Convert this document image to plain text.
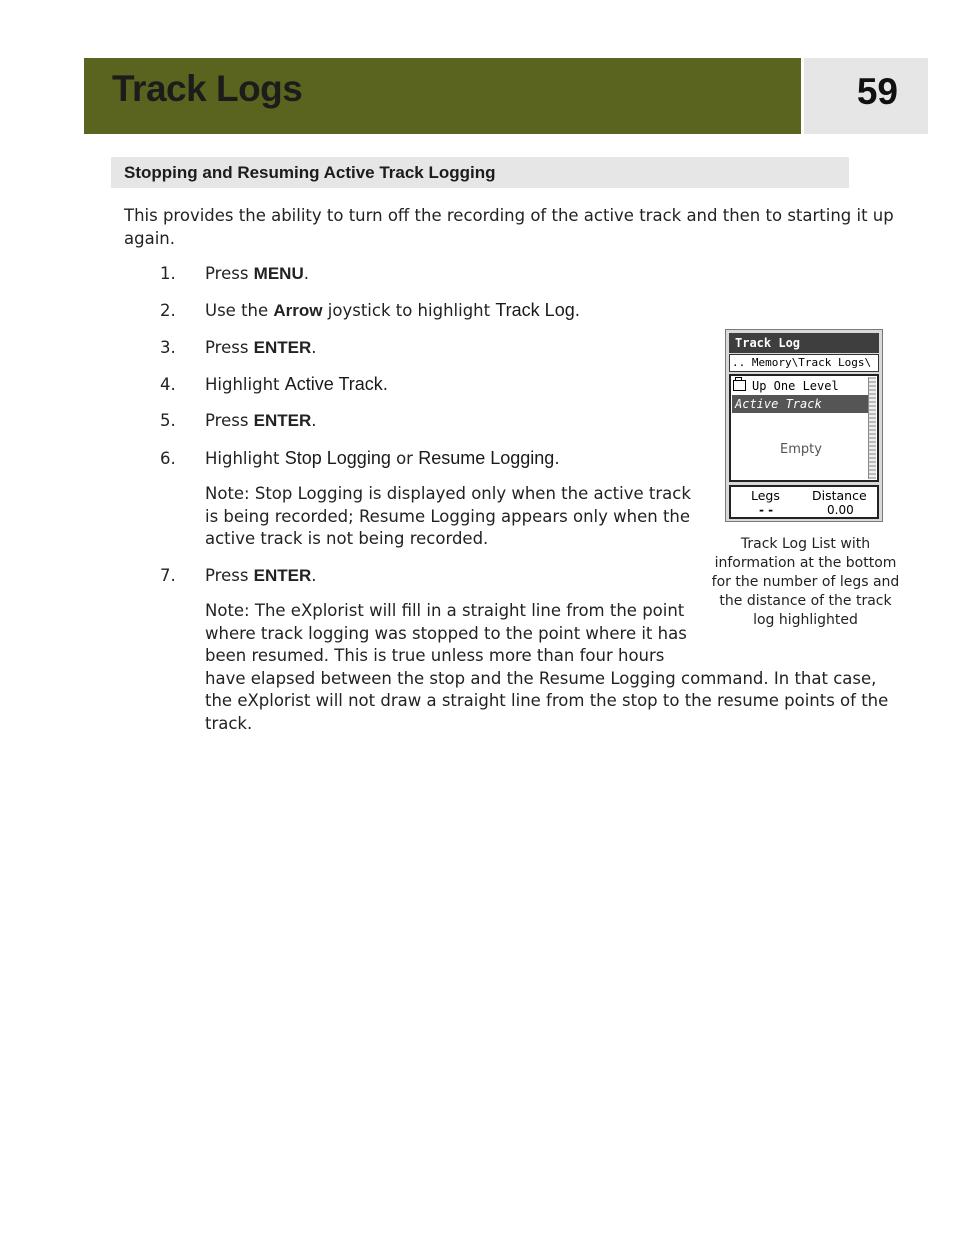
Track Logs	59
Stopping and Resuming Active Track Logging
This provides the ability to turn off the recording of the active track and then to starting it up
again.
1. Press MENU.
2. Use the Arrow joystick to highlight Track Log.
3. Press ENTER.
4. Highlight Active Track.
5. Press ENTER.
6. Highlight Stop Logging or Resume Logging.
Note: Stop Logging is displayed only when the active track
is being recorded; Resume Logging appears only when the
active track is not being recorded.
7. Press ENTER.
Note: The eXplorist will fill in a straight line from the point
where track logging was stopped to the point where it has
been resumed. This is true unless more than four hours
have elapsed between the stop and the Resume Logging command. In that case,
the eXplorist will not draw a straight line from the stop to the resume points of the
track.
Track Log
.. Memory\Track Logs\
Up One Level
Active Track
Empty
Legs	Distance
- -	0.00
Track Log List with
information at the bottom
for the number of legs and
the distance of the track
log highlighted
